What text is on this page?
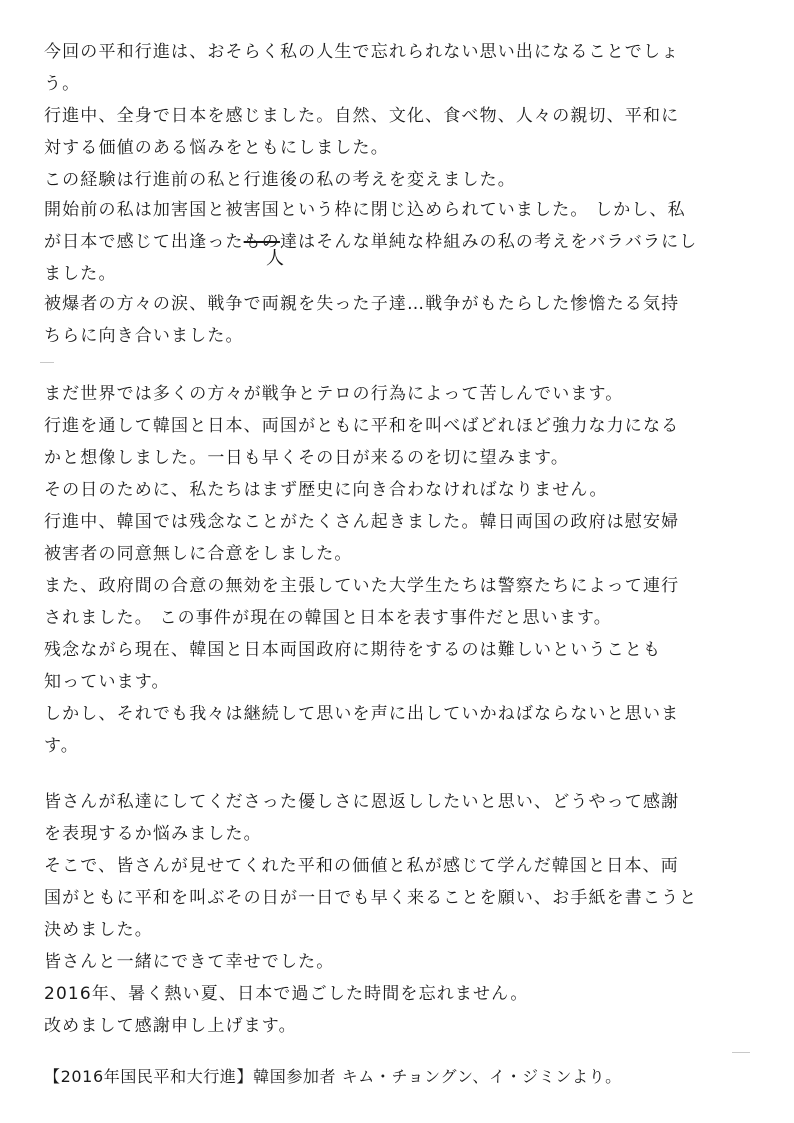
今回の平和行進は、おそらく私の人生で忘れられない思い出になることでしょ
う。
行進中、全身で日本を感じました。自然、文化、食べ物、人々の親切、平和に
対する価値のある悩みをともにしました。
この経験は行進前の私と行進後の私の考えを変えました。
開始前の私は加害国と被害国という枠に閉じ込められていました。 しかし、私
が日本で感じて出逢ったもの達はそんな単純な枠組みの私の考えをバラバラにし
ました。
人
被爆者の方々の涙、戦争で両親を失った子達…戦争がもたらした惨憺たる気持
ちらに向き合いました。
まだ世界では多くの方々が戦争とテロの行為によって苦しんでいます。
行進を通して韓国と日本、両国がともに平和を叫べばどれほど強力な力になる
かと想像しました。一日も早くその日が来るのを切に望みます。
その日のために、私たちはまず歴史に向き合わなければなりません。
行進中、韓国では残念なことがたくさん起きました。韓日両国の政府は慰安婦
被害者の同意無しに合意をしました。
また、政府間の合意の無効を主張していた大学生たちは警察たちによって連行
されました。 この事件が現在の韓国と日本を表す事件だと思います。
残念ながら現在、韓国と日本両国政府に期待をするのは難しいということも
知っています。
しかし、それでも我々は継続して思いを声に出していかねばならないと思いま
す。
皆さんが私達にしてくださった優しさに恩返ししたいと思い、どうやって感謝
を表現するか悩みました。
そこで、皆さんが見せてくれた平和の価値と私が感じて学んだ韓国と日本、両
国がともに平和を叫ぶその日が一日でも早く来ることを願い、お手紙を書こうと
決めました。
皆さんと一緒にできて幸せでした。
2016年、暑く熱い夏、日本で過ごした時間を忘れません。
改めまして感謝申し上げます。
【2016年国民平和大行進】韓国参加者 キム・チョングン、イ・ジミンより。
